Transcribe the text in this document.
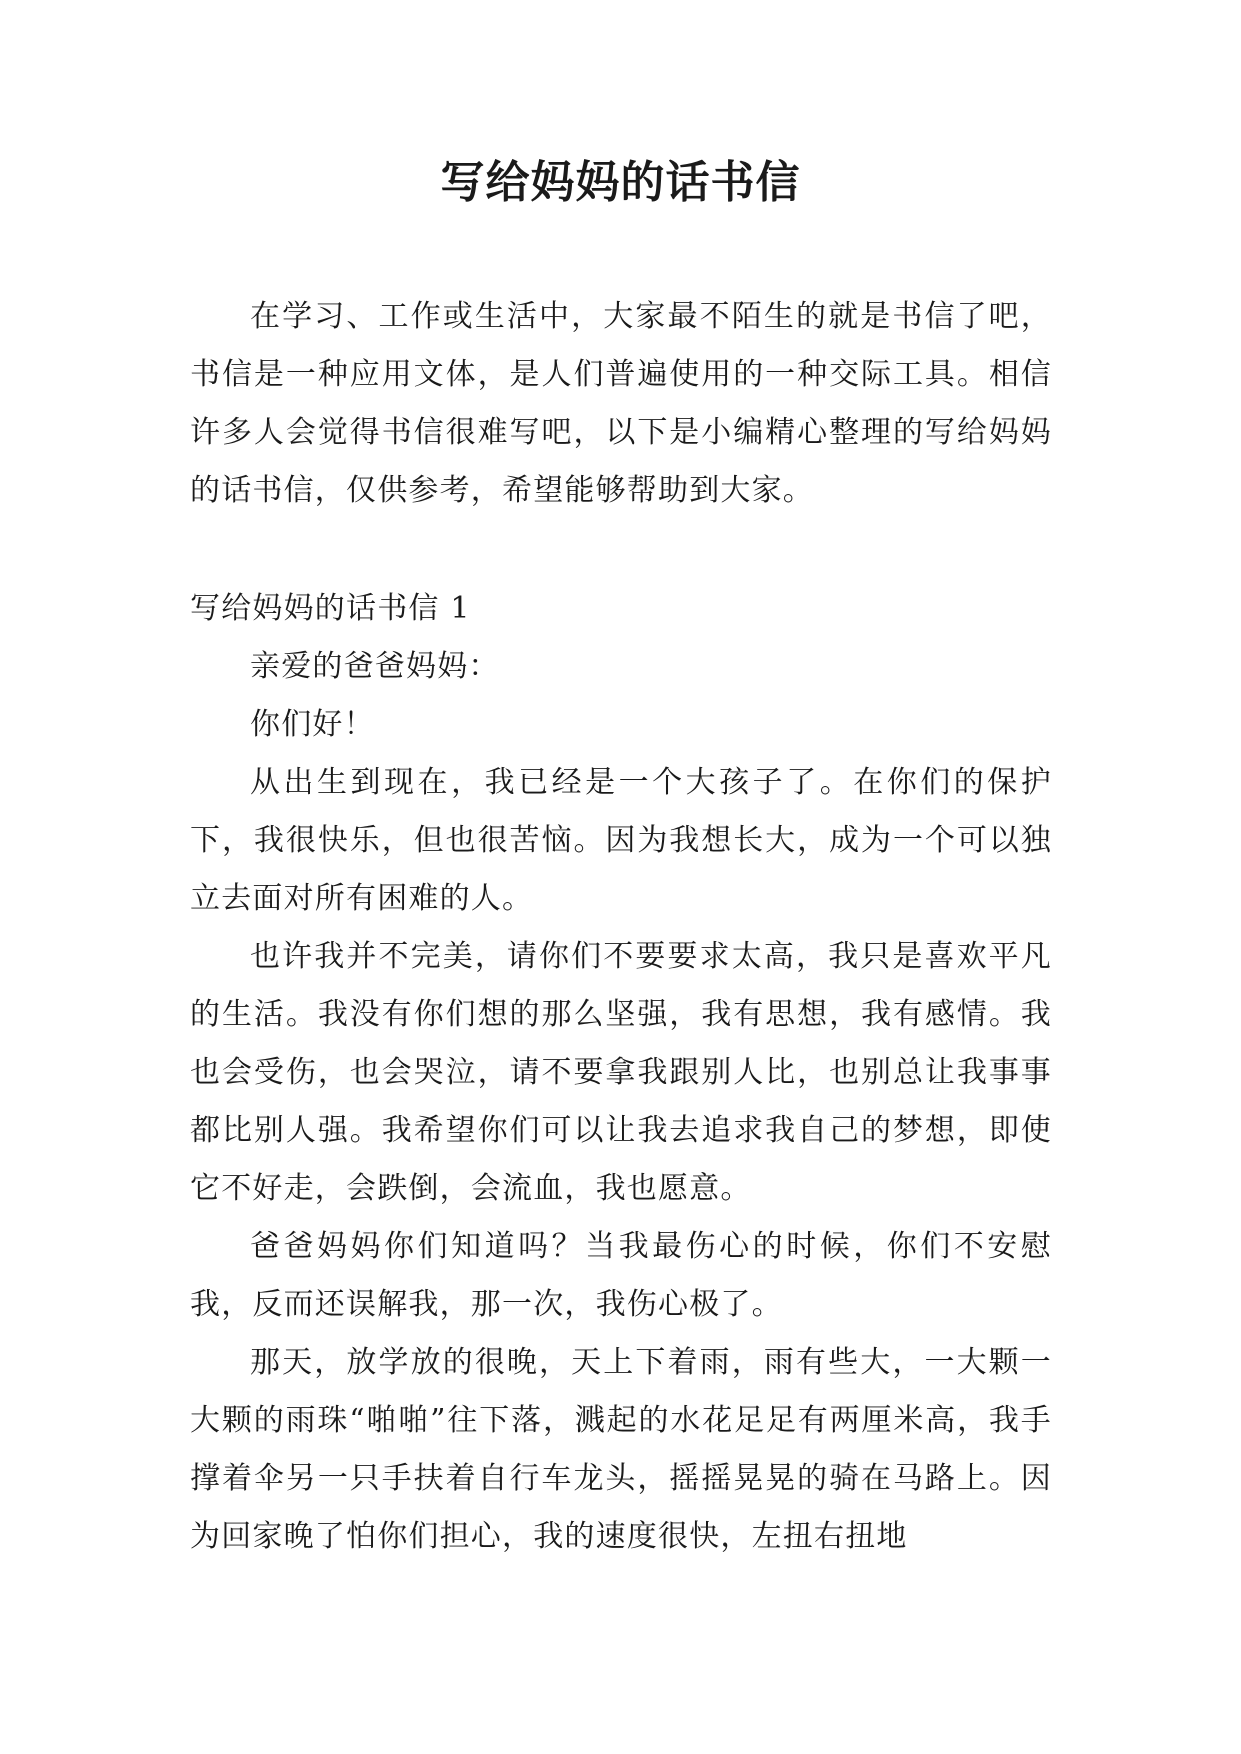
写给妈妈的话书信

在学习、工作或生活中，大家最不陌生的就是书信了吧，书信是一种应用文体，是人们普遍使用的一种交际工具。相信许多人会觉得书信很难写吧，以下是小编精心整理的写给妈妈的话书信，仅供参考，希望能够帮助到大家。

写给妈妈的话书信 1

亲爱的爸爸妈妈：

你们好！

从出生到现在，我已经是一个大孩子了。在你们的保护下，我很快乐，但也很苦恼。因为我想长大，成为一个可以独立去面对所有困难的人。

也许我并不完美，请你们不要要求太高，我只是喜欢平凡的生活。我没有你们想的那么坚强，我有思想，我有感情。我也会受伤，也会哭泣，请不要拿我跟别人比，也别总让我事事都比别人强。我希望你们可以让我去追求我自己的梦想，即使它不好走，会跌倒，会流血，我也愿意。

爸爸妈妈你们知道吗？当我最伤心的时候，你们不安慰我，反而还误解我，那一次，我伤心极了。

那天，放学放的很晚，天上下着雨，雨有些大，一大颗一大颗的雨珠“啪啪”往下落，溅起的水花足足有两厘米高，我手撑着伞另一只手扶着自行车龙头，摇摇晃晃的骑在马路上。因为回家晚了怕你们担心，我的速度很快，左扭右扭地
